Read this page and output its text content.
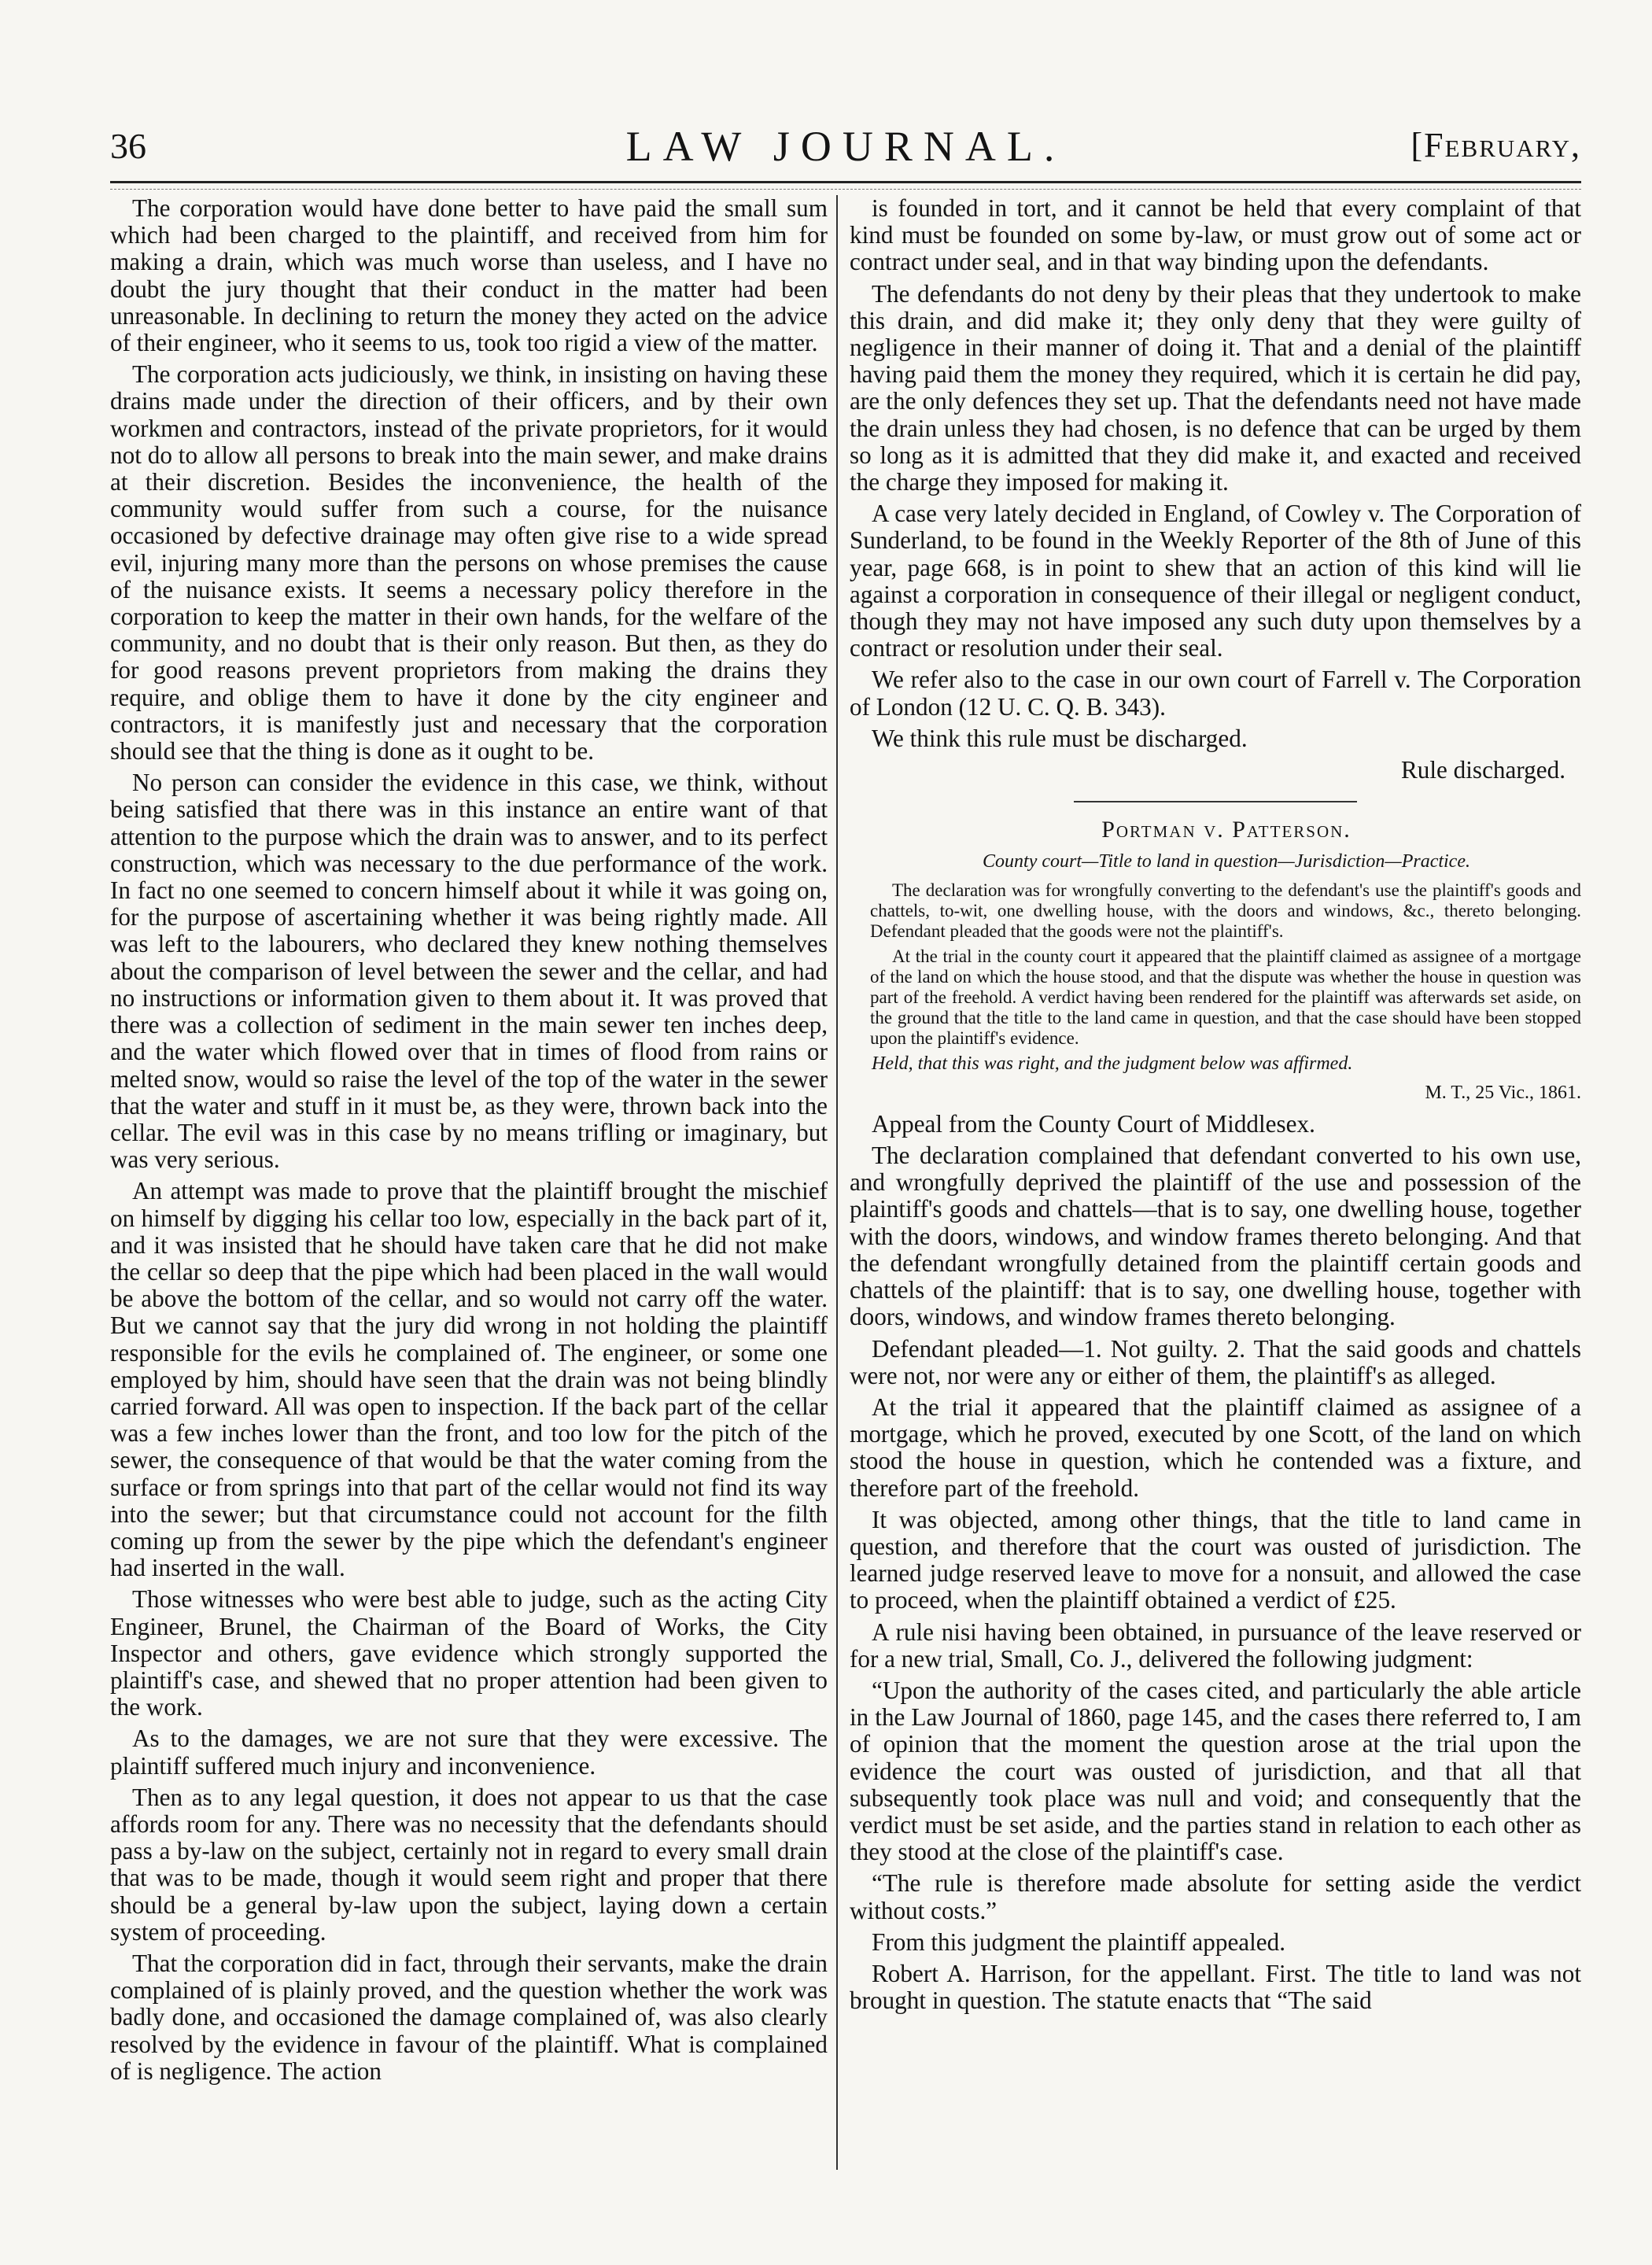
36	LAW JOURNAL.	[February,

The corporation would have done better to have paid the small sum which had been charged to the plaintiff, and received from him for making a drain, which was much worse than useless, and I have no doubt the jury thought that their conduct in the matter had been unreasonable. In declining to return the money they acted on the advice of their engineer, who it seems to us, took too rigid a view of the matter.

The corporation acts judiciously, we think, in insisting on having these drains made under the direction of their officers, and by their own workmen and contractors, instead of the private proprietors, for it would not do to allow all persons to break into the main sewer, and make drains at their discretion. Besides the inconvenience, the health of the community would suffer from such a course, for the nuisance occasioned by defective drainage may often give rise to a wide spread evil, injuring many more than the persons on whose premises the cause of the nuisance exists. It seems a necessary policy therefore in the corporation to keep the matter in their own hands, for the welfare of the community, and no doubt that is their only reason. But then, as they do for good reasons prevent proprietors from making the drains they require, and oblige them to have it done by the city engineer and contractors, it is manifestly just and necessary that the corporation should see that the thing is done as it ought to be.

No person can consider the evidence in this case, we think, without being satisfied that there was in this instance an entire want of that attention to the purpose which the drain was to answer, and to its perfect construction, which was necessary to the due performance of the work. In fact no one seemed to concern himself about it while it was going on, for the purpose of ascertaining whether it was being rightly made. All was left to the labourers, who declared they knew nothing themselves about the comparison of level between the sewer and the cellar, and had no instructions or information given to them about it. It was proved that there was a collection of sediment in the main sewer ten inches deep, and the water which flowed over that in times of flood from rains or melted snow, would so raise the level of the top of the water in the sewer that the water and stuff in it must be, as they were, thrown back into the cellar. The evil was in this case by no means trifling or imaginary, but was very serious.

An attempt was made to prove that the plaintiff brought the mischief on himself by digging his cellar too low, especially in the back part of it, and it was insisted that he should have taken care that he did not make the cellar so deep that the pipe which had been placed in the wall would be above the bottom of the cellar, and so would not carry off the water. But we cannot say that the jury did wrong in not holding the plaintiff responsible for the evils he complained of. The engineer, or some one employed by him, should have seen that the drain was not being blindly carried forward. All was open to inspection. If the back part of the cellar was a few inches lower than the front, and too low for the pitch of the sewer, the consequence of that would be that the water coming from the surface or from springs into that part of the cellar would not find its way into the sewer; but that circumstance could not account for the filth coming up from the sewer by the pipe which the defendant's engineer had inserted in the wall.

Those witnesses who were best able to judge, such as the acting City Engineer, Brunel, the Chairman of the Board of Works, the City Inspector and others, gave evidence which strongly supported the plaintiff's case, and shewed that no proper attention had been given to the work.

As to the damages, we are not sure that they were excessive. The plaintiff suffered much injury and inconvenience.

Then as to any legal question, it does not appear to us that the case affords room for any. There was no necessity that the defendants should pass a by-law on the subject, certainly not in regard to every small drain that was to be made, though it would seem right and proper that there should be a general by-law upon the subject, laying down a certain system of proceeding.

That the corporation did in fact, through their servants, make the drain complained of is plainly proved, and the question whether the work was badly done, and occasioned the damage complained of, was also clearly resolved by the evidence in favour of the plaintiff. What is complained of is negligence. The action

is founded in tort, and it cannot be held that every complaint of that kind must be founded on some by-law, or must grow out of some act or contract under seal, and in that way binding upon the defendants.

The defendants do not deny by their pleas that they undertook to make this drain, and did make it; they only deny that they were guilty of negligence in their manner of doing it. That and a denial of the plaintiff having paid them the money they required, which it is certain he did pay, are the only defences they set up. That the defendants need not have made the drain unless they had chosen, is no defence that can be urged by them so long as it is admitted that they did make it, and exacted and received the charge they imposed for making it.

A case very lately decided in England, of Cowley v. The Corporation of Sunderland, to be found in the Weekly Reporter of the 8th of June of this year, page 668, is in point to shew that an action of this kind will lie against a corporation in consequence of their illegal or negligent conduct, though they may not have imposed any such duty upon themselves by a contract or resolution under their seal.

We refer also to the case in our own court of Farrell v. The Corporation of London (12 U. C. Q. B. 343).

We think this rule must be discharged.

Rule discharged.

Portman v. Patterson.

County court—Title to land in question—Jurisdiction—Practice.

The declaration was for wrongfully converting to the defendant's use the plaintiff's goods and chattels, to-wit, one dwelling house, with the doors and windows, &c., thereto belonging. Defendant pleaded that the goods were not the plaintiff's.

At the trial in the county court it appeared that the plaintiff claimed as assignee of a mortgage of the land on which the house stood, and that the dispute was whether the house in question was part of the freehold. A verdict having been rendered for the plaintiff was afterwards set aside, on the ground that the title to the land came in question, and that the case should have been stopped upon the plaintiff's evidence.

Held, that this was right, and the judgment below was affirmed.

M. T., 25 Vic., 1861.

Appeal from the County Court of Middlesex.

The declaration complained that defendant converted to his own use, and wrongfully deprived the plaintiff of the use and possession of the plaintiff's goods and chattels—that is to say, one dwelling house, together with the doors, windows, and window frames thereto belonging. And that the defendant wrongfully detained from the plaintiff certain goods and chattels of the plaintiff: that is to say, one dwelling house, together with doors, windows, and window frames thereto belonging.

Defendant pleaded—1. Not guilty. 2. That the said goods and chattels were not, nor were any or either of them, the plaintiff's as alleged.

At the trial it appeared that the plaintiff claimed as assignee of a mortgage, which he proved, executed by one Scott, of the land on which stood the house in question, which he contended was a fixture, and therefore part of the freehold.

It was objected, among other things, that the title to land came in question, and therefore that the court was ousted of jurisdiction. The learned judge reserved leave to move for a nonsuit, and allowed the case to proceed, when the plaintiff obtained a verdict of £25.

A rule nisi having been obtained, in pursuance of the leave reserved or for a new trial, Small, Co. J., delivered the following judgment:

“Upon the authority of the cases cited, and particularly the able article in the Law Journal of 1860, page 145, and the cases there referred to, I am of opinion that the moment the question arose at the trial upon the evidence the court was ousted of jurisdiction, and that all that subsequently took place was null and void; and consequently that the verdict must be set aside, and the parties stand in relation to each other as they stood at the close of the plaintiff's case.

“The rule is therefore made absolute for setting aside the verdict without costs.”

From this judgment the plaintiff appealed.

Robert A. Harrison, for the appellant. First. The title to land was not brought in question. The statute enacts that “The said
